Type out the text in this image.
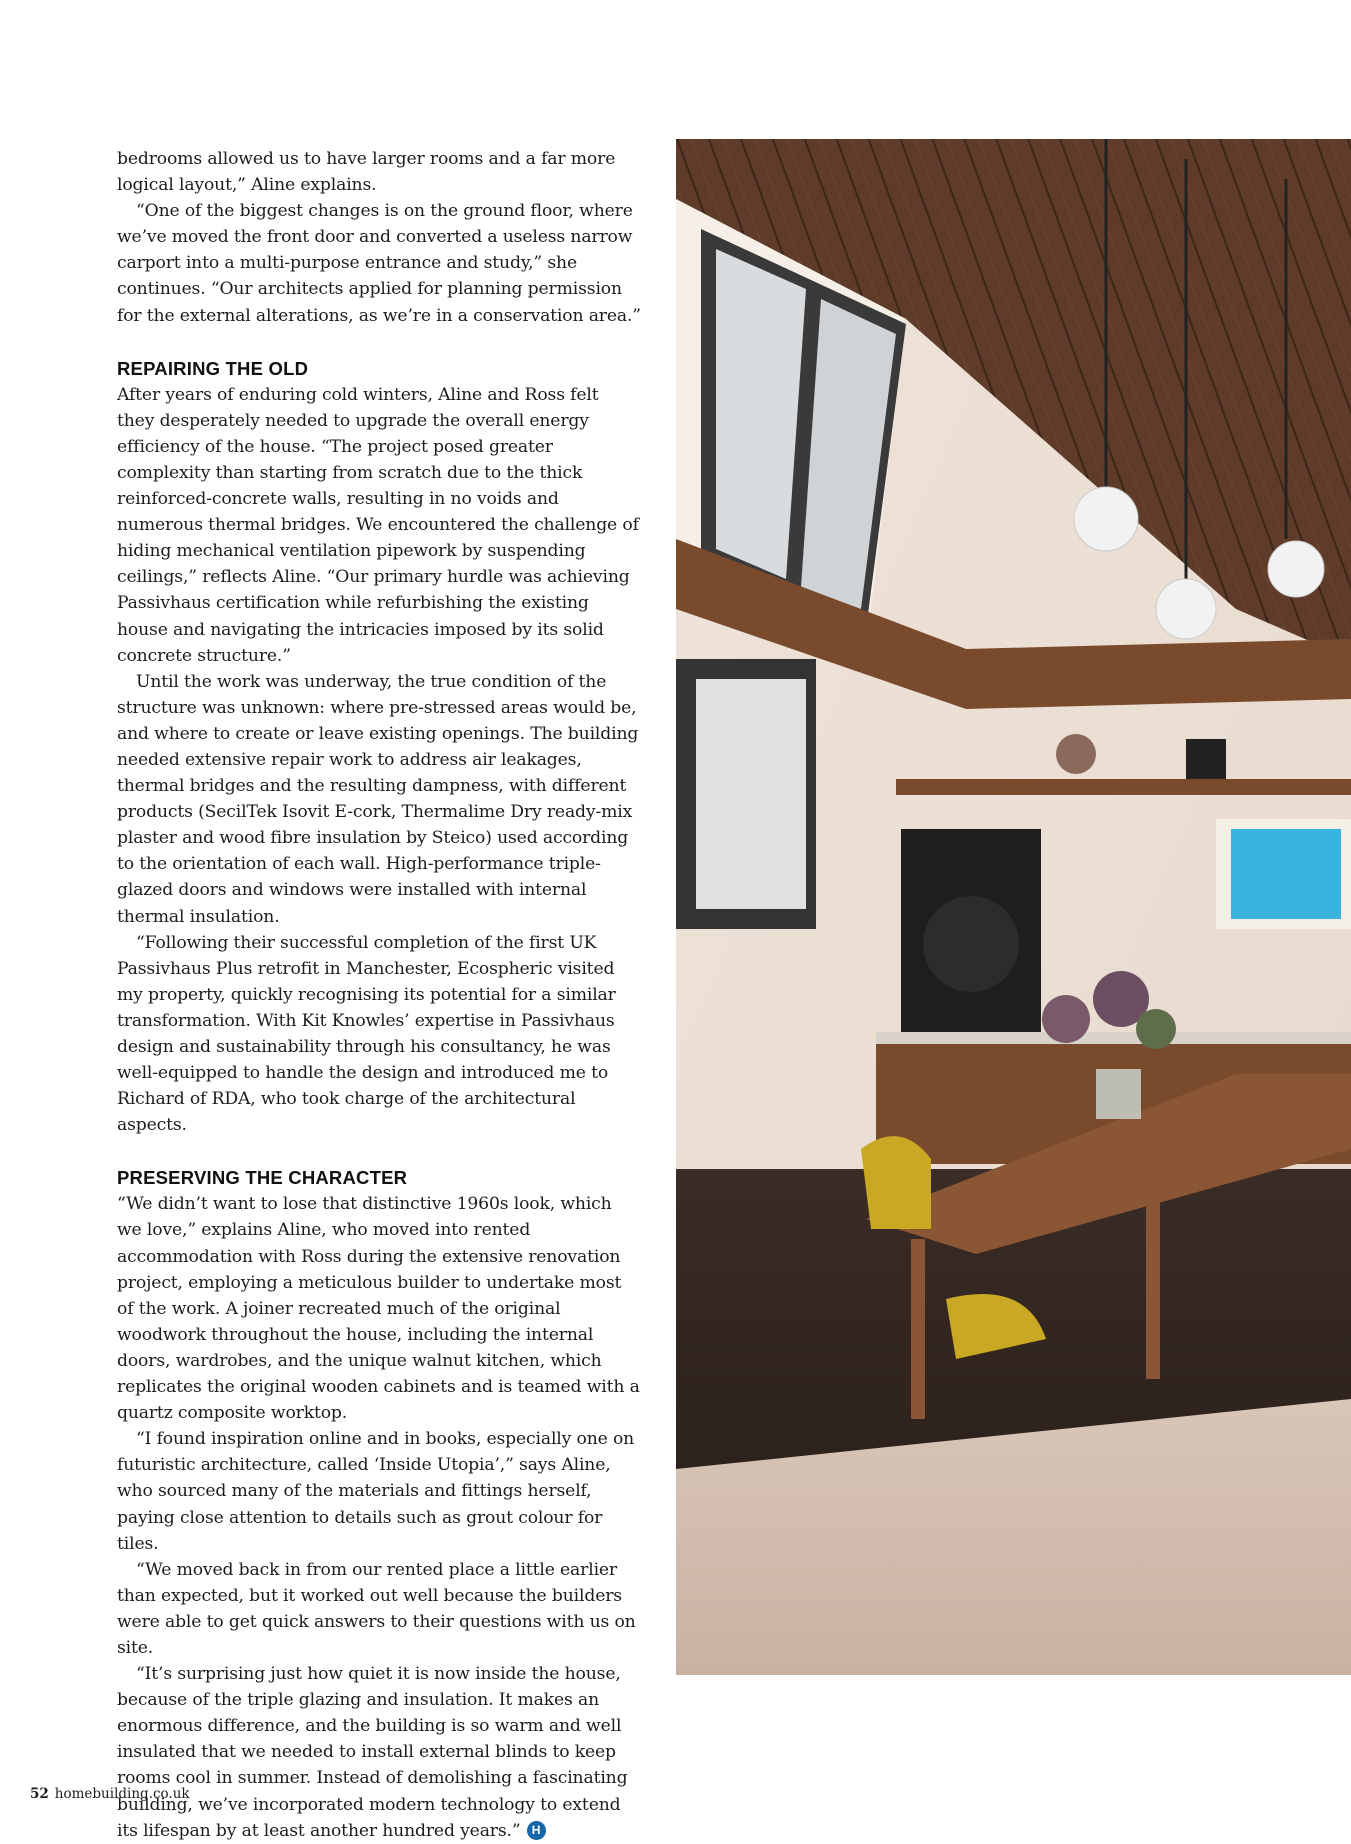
bedrooms allowed us to have larger rooms and a far more logical layout,” Aline explains.

“One of the biggest changes is on the ground floor, where we’ve moved the front door and converted a useless narrow carport into a multi-purpose entrance and study,” she continues. “Our architects applied for planning permission for the external alterations, as we’re in a conservation area.”

REPAIRING THE OLD

After years of enduring cold winters, Aline and Ross felt they desperately needed to upgrade the overall energy efficiency of the house. “The project posed greater complexity than starting from scratch due to the thick reinforced-concrete walls, resulting in no voids and numerous thermal bridges. We encountered the challenge of hiding mechanical ventilation pipework by suspending ceilings,” reflects Aline. “Our primary hurdle was achieving Passivhaus certification while refurbishing the existing house and navigating the intricacies imposed by its solid concrete structure.”

Until the work was underway, the true condition of the structure was unknown: where pre-stressed areas would be, and where to create or leave existing openings. The building needed extensive repair work to address air leakages, thermal bridges and the resulting dampness, with different products (SecilTek Isovit E-cork, Thermalime Dry ready-mix plaster and wood fibre insulation by Steico) used according to the orientation of each wall. High-performance triple-glazed doors and windows were installed with internal thermal insulation.

“Following their successful completion of the first UK Passivhaus Plus retrofit in Manchester, Ecospheric visited my property, quickly recognising its potential for a similar transformation. With Kit Knowles’ expertise in Passivhaus design and sustainability through his consultancy, he was well-equipped to handle the design and introduced me to Richard of RDA, who took charge of the architectural aspects.

PRESERVING THE CHARACTER

“We didn’t want to lose that distinctive 1960s look, which we love,” explains Aline, who moved into rented accommodation with Ross during the extensive renovation project, employing a meticulous builder to undertake most of the work. A joiner recreated much of the original woodwork throughout the house, including the internal doors, wardrobes, and the unique walnut kitchen, which replicates the original wooden cabinets and is teamed with a quartz composite worktop.

“I found inspiration online and in books, especially one on futuristic architecture, called ‘Inside Utopia’,” says Aline, who sourced many of the materials and fittings herself, paying close attention to details such as grout colour for tiles.

“We moved back in from our rented place a little earlier than expected, but it worked out well because the builders were able to get quick answers to their questions with us on site.

“It’s surprising just how quiet it is now inside the house, because of the triple glazing and insulation. It makes an enormous difference, and the building is so warm and well insulated that we needed to install external blinds to keep rooms cool in summer. Instead of demolishing a fascinating building, we’ve incorporated modern technology to extend its lifespan by at least another hundred years.” H

52 homebuilding.co.uk
